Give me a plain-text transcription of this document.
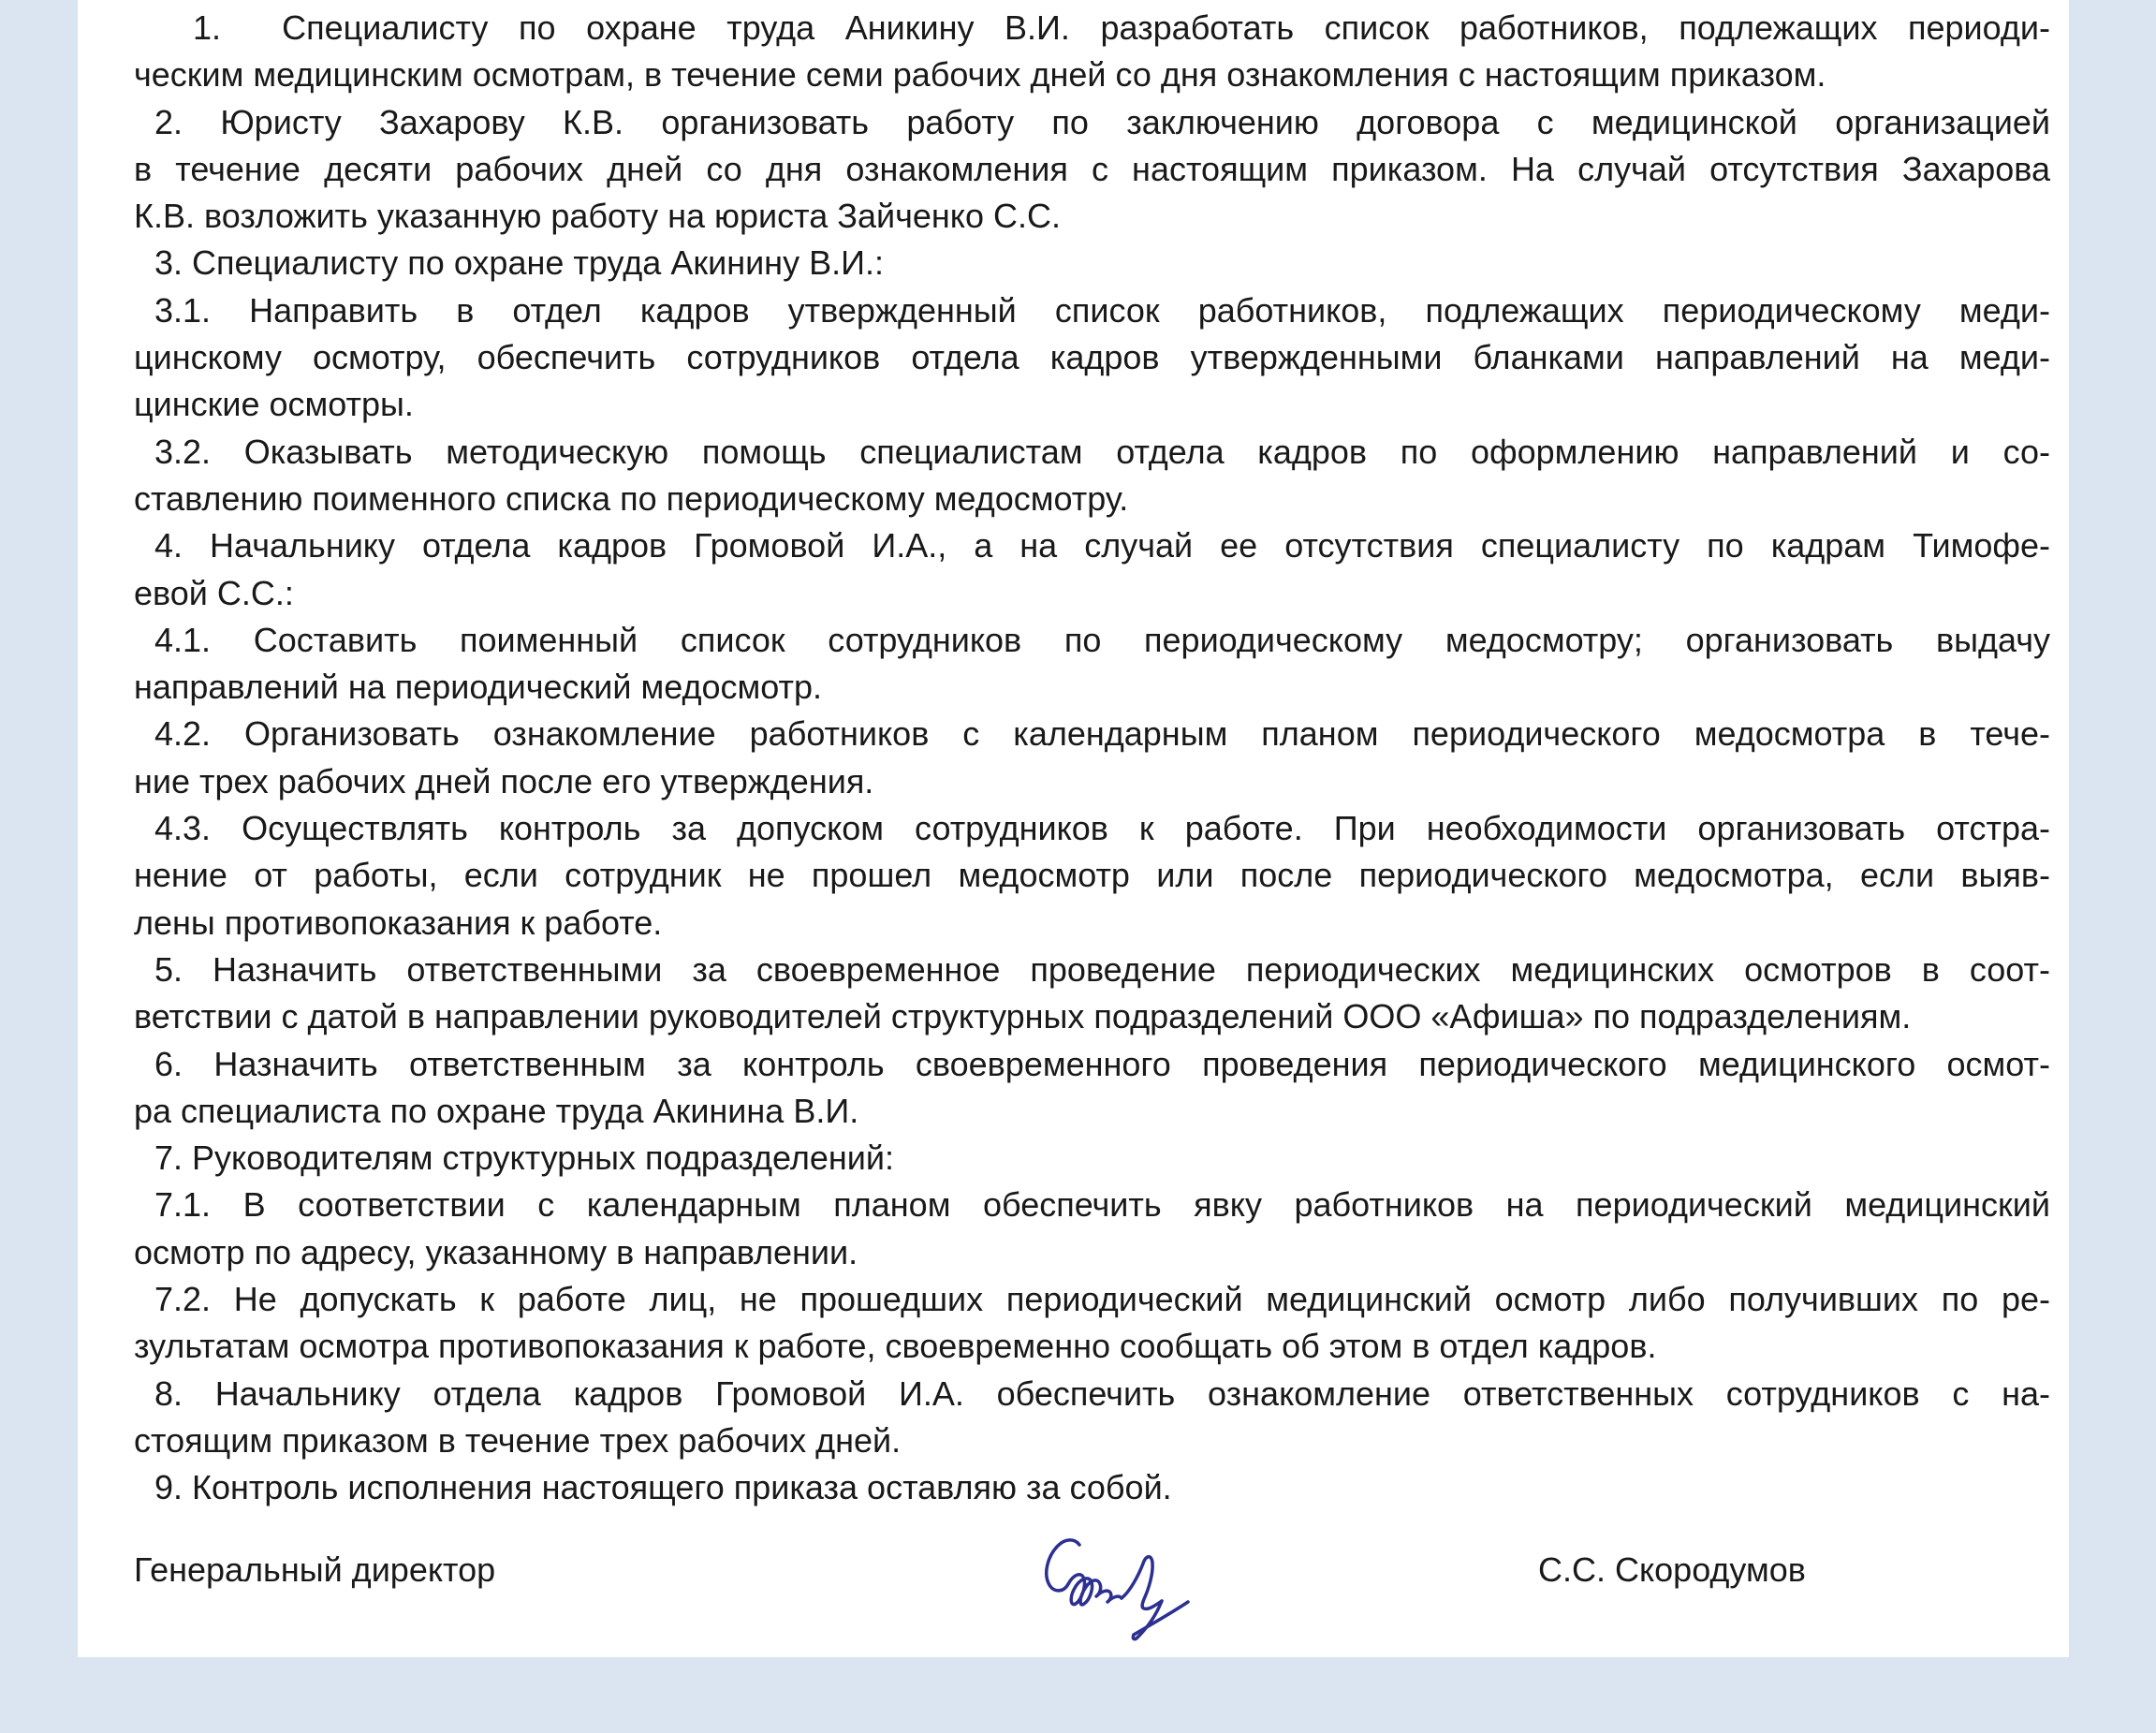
1.  Специалисту по охране труда Аникину В.И. разработать список работников, подлежащих периоди-
ческим медицинским осмотрам, в течение семи рабочих дней со дня ознакомления с настоящим приказом.
2. Юристу Захарову К.В. организовать работу по заключению договора с медицинской организацией
в течение десяти рабочих дней со дня ознакомления с настоящим приказом. На случай отсутствия Захарова
К.В. возложить указанную работу на юриста Зайченко С.С.
3. Специалисту по охране труда Акинину В.И.:
3.1. Направить в отдел кадров утвержденный список работников, подлежащих периодическому меди-
цинскому осмотру, обеспечить сотрудников отдела кадров утвержденными бланками направлений на меди-
цинские осмотры.
3.2. Оказывать методическую помощь специалистам отдела кадров по оформлению направлений и со-
ставлению поименного списка по периодическому медосмотру.
4. Начальнику отдела кадров Громовой И.А., а на случай ее отсутствия специалисту по кадрам Тимофе-
евой С.С.:
4.1. Составить поименный список сотрудников по периодическому медосмотру; организовать выдачу
направлений на периодический медосмотр.
4.2. Организовать ознакомление работников с календарным планом периодического медосмотра в тече-
ние трех рабочих дней после его утверждения.
4.3. Осуществлять контроль за допуском сотрудников к работе. При необходимости организовать отстра-
нение от работы, если сотрудник не прошел медосмотр или после периодического медосмотра, если выяв-
лены противопоказания к работе.
5. Назначить ответственными за своевременное проведение периодических медицинских осмотров в соот-
ветствии с датой в направлении руководителей структурных подразделений ООО «Афиша» по подразделениям.
6. Назначить ответственным за контроль своевременного проведения периодического медицинского осмот-
ра специалиста по охране труда Акинина В.И.
7. Руководителям структурных подразделений:
7.1. В соответствии с календарным планом обеспечить явку работников на периодический медицинский
осмотр по адресу, указанному в направлении.
7.2. Не допускать к работе лиц, не прошедших периодический медицинский осмотр либо получивших по ре-
зультатам осмотра противопоказания к работе, своевременно сообщать об этом в отдел кадров.
8. Начальнику отдела кадров Громовой И.А. обеспечить ознакомление ответственных сотрудников с на-
стоящим приказом в течение трех рабочих дней.
9. Контроль исполнения настоящего приказа оставляю за собой.
Генеральный директор	С.С. Скородумов
